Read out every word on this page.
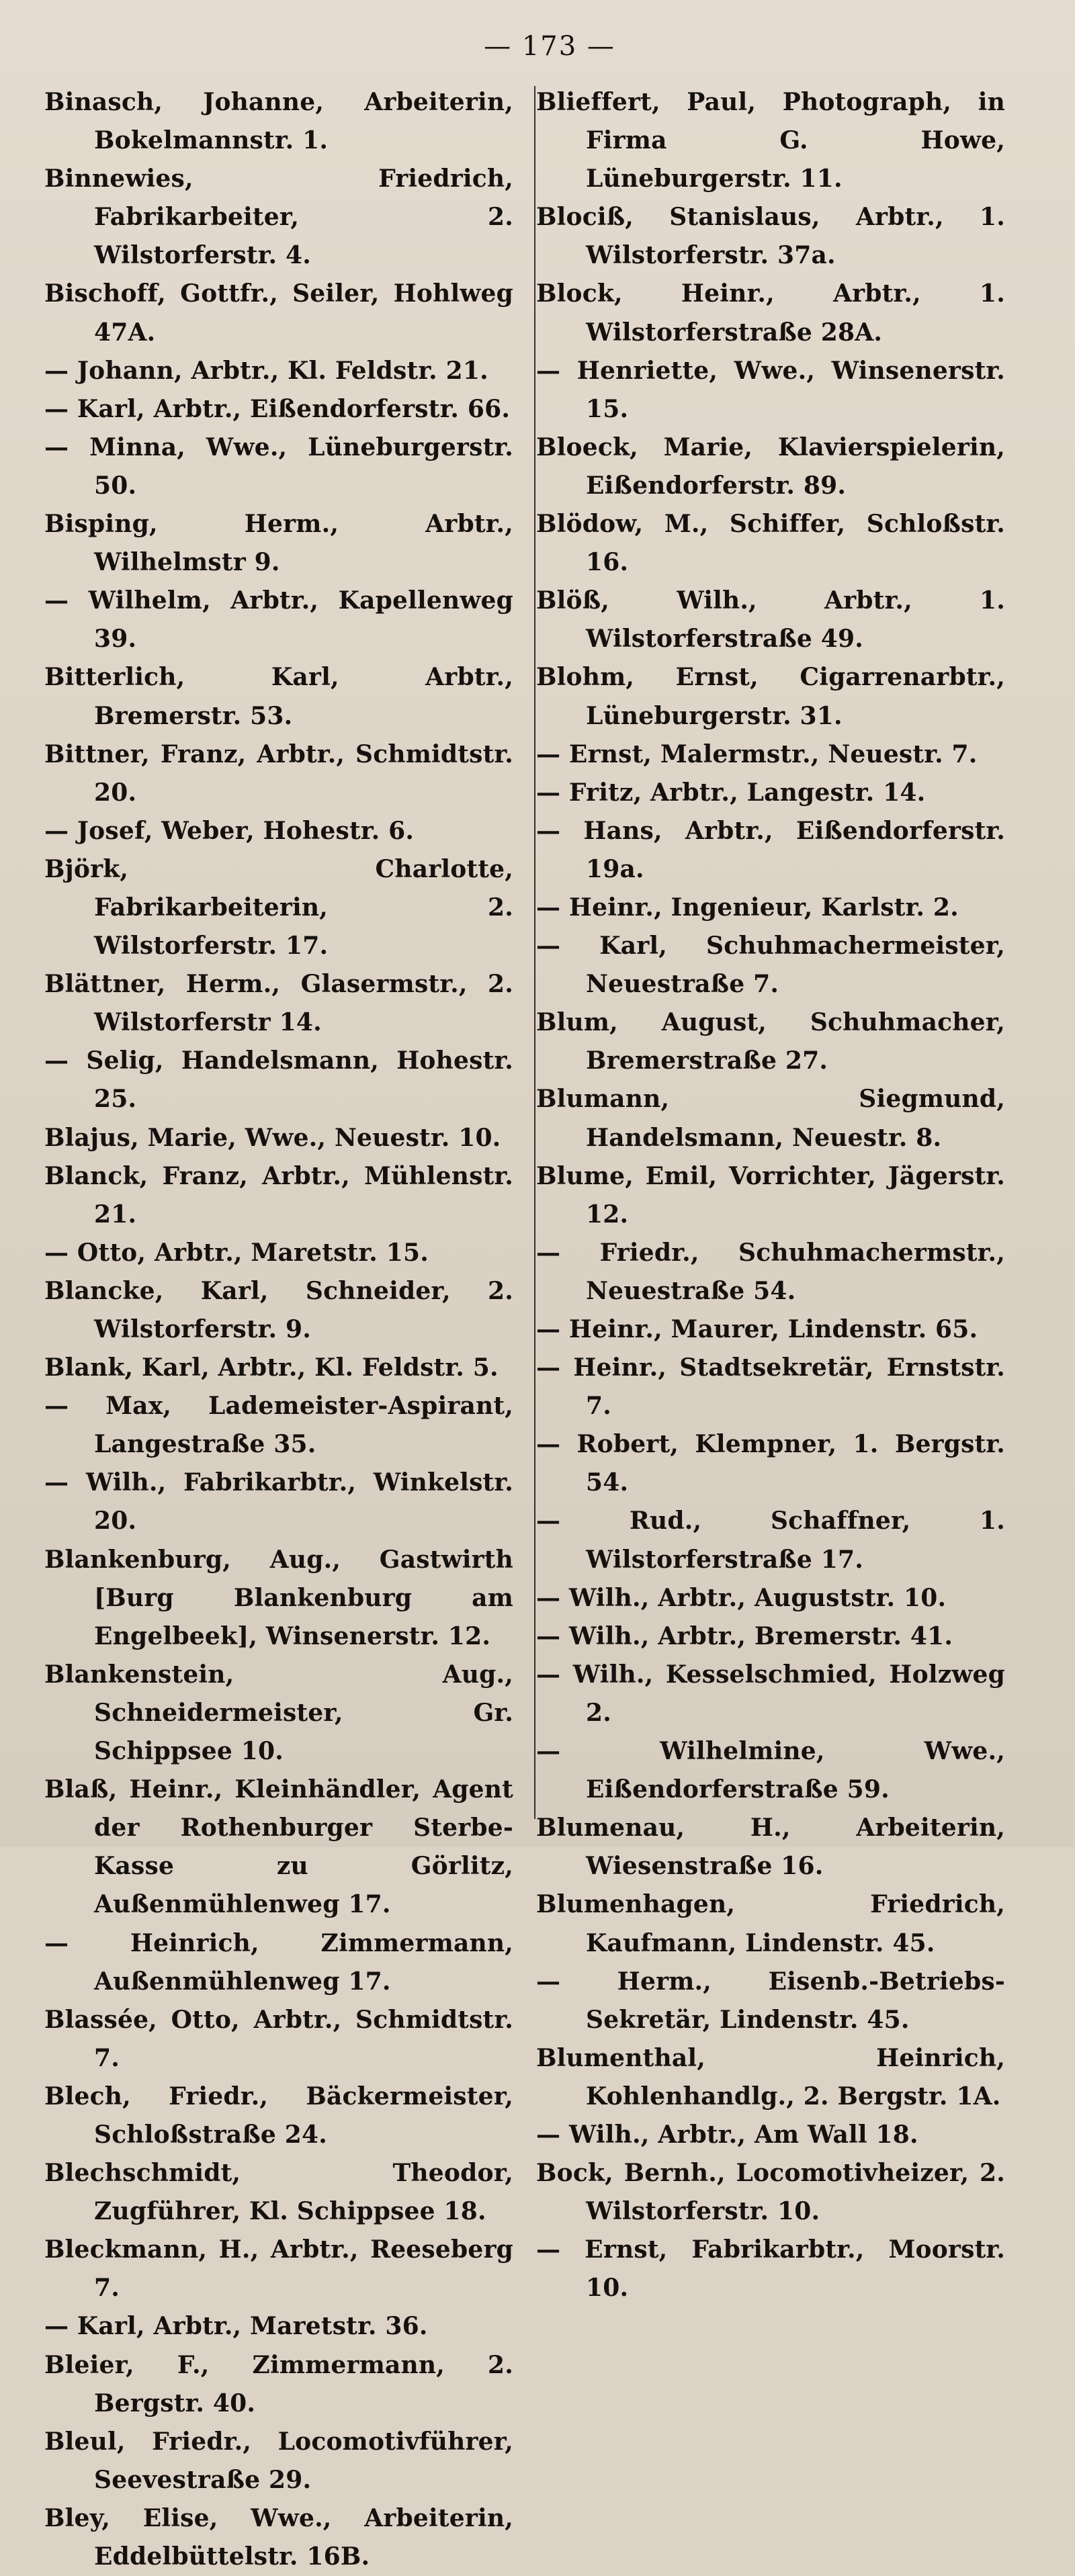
— 173 —
Binasch, Johanne, Arbeiterin, Bokelmannstr. 1.
Binnewies, Friedrich, Fabrikarbeiter, 2. Wilstorferstr. 4.
Bischoff, Gottfr., Seiler, Hohlweg 47A.
— Johann, Arbtr., Kl. Feldstr. 21.
— Karl, Arbtr., Eißendorferstr. 66.
— Minna, Wwe., Lüneburgerstr. 50.
Bisping, Herm., Arbtr., Wilhelmstr 9.
— Wilhelm, Arbtr., Kapellenweg 39.
Bitterlich, Karl, Arbtr., Bremerstr. 53.
Bittner, Franz, Arbtr., Schmidtstr. 20.
— Josef, Weber, Hohestr. 6.
Björk, Charlotte, Fabrikarbeiterin, 2. Wilstorferstr. 17.
Blättner, Herm., Glasermstr., 2. Wilstorferstr 14.
— Selig, Handelsmann, Hohestr. 25.
Blajus, Marie, Wwe., Neuestr. 10.
Blanck, Franz, Arbtr., Mühlenstr. 21.
— Otto, Arbtr., Maretstr. 15.
Blancke, Karl, Schneider, 2. Wilstorferstr. 9.
Blank, Karl, Arbtr., Kl. Feldstr. 5.
— Max, Lademeister-Aspirant, Langestraße 35.
— Wilh., Fabrikarbtr., Winkelstr. 20.
Blankenburg, Aug., Gastwirth [Burg Blankenburg am Engelbeek], Winsenerstr. 12.
Blankenstein, Aug., Schneidermeister, Gr. Schippsee 10.
Blaß, Heinr., Kleinhändler, Agent der Rothenburger Sterbe-Kasse zu Görlitz, Außenmühlenweg 17.
— Heinrich, Zimmermann, Außenmühlenweg 17.
Blassée, Otto, Arbtr., Schmidtstr. 7.
Blech, Friedr., Bäckermeister, Schloßstraße 24.
Blechschmidt, Theodor, Zugführer, Kl. Schippsee 18.
Bleckmann, H., Arbtr., Reeseberg 7.
— Karl, Arbtr., Maretstr. 36.
Bleier, F., Zimmermann, 2. Bergstr. 40.
Bleul, Friedr., Locomotivführer, Seevestraße 29.
Bley, Elise, Wwe., Arbeiterin, Eddelbüttelstr. 16B.
Blieffert, Paul, Photograph, in Firma G. Howe, Lüneburgerstr. 11.
Blociß, Stanislaus, Arbtr., 1. Wilstorferstr. 37a.
Block, Heinr., Arbtr., 1. Wilstorferstraße 28A.
— Henriette, Wwe., Winsenerstr. 15.
Bloeck, Marie, Klavierspielerin, Eißendorferstr. 89.
Blödow, M., Schiffer, Schloßstr. 16.
Blöß, Wilh., Arbtr., 1. Wilstorferstraße 49.
Blohm, Ernst, Cigarrenarbtr., Lüneburgerstr. 31.
— Ernst, Malermstr., Neuestr. 7.
— Fritz, Arbtr., Langestr. 14.
— Hans, Arbtr., Eißendorferstr. 19a.
— Heinr., Ingenieur, Karlstr. 2.
— Karl, Schuhmachermeister, Neuestraße 7.
Blum, August, Schuhmacher, Bremerstraße 27.
Blumann, Siegmund, Handelsmann, Neuestr. 8.
Blume, Emil, Vorrichter, Jägerstr. 12.
— Friedr., Schuhmachermstr., Neuestraße 54.
— Heinr., Maurer, Lindenstr. 65.
— Heinr., Stadtsekretär, Ernststr. 7.
— Robert, Klempner, 1. Bergstr. 54.
— Rud., Schaffner, 1. Wilstorferstraße 17.
— Wilh., Arbtr., Auguststr. 10.
— Wilh., Arbtr., Bremerstr. 41.
— Wilh., Kesselschmied, Holzweg 2.
— Wilhelmine, Wwe., Eißendorferstraße 59.
Blumenau, H., Arbeiterin, Wiesenstraße 16.
Blumenhagen, Friedrich, Kaufmann, Lindenstr. 45.
— Herm., Eisenb.-Betriebs-Sekretär, Lindenstr. 45.
Blumenthal, Heinrich, Kohlenhandlg., 2. Bergstr. 1A.
— Wilh., Arbtr., Am Wall 18.
Bock, Bernh., Locomotivheizer, 2. Wilstorferstr. 10.
— Ernst, Fabrikarbtr., Moorstr. 10.
